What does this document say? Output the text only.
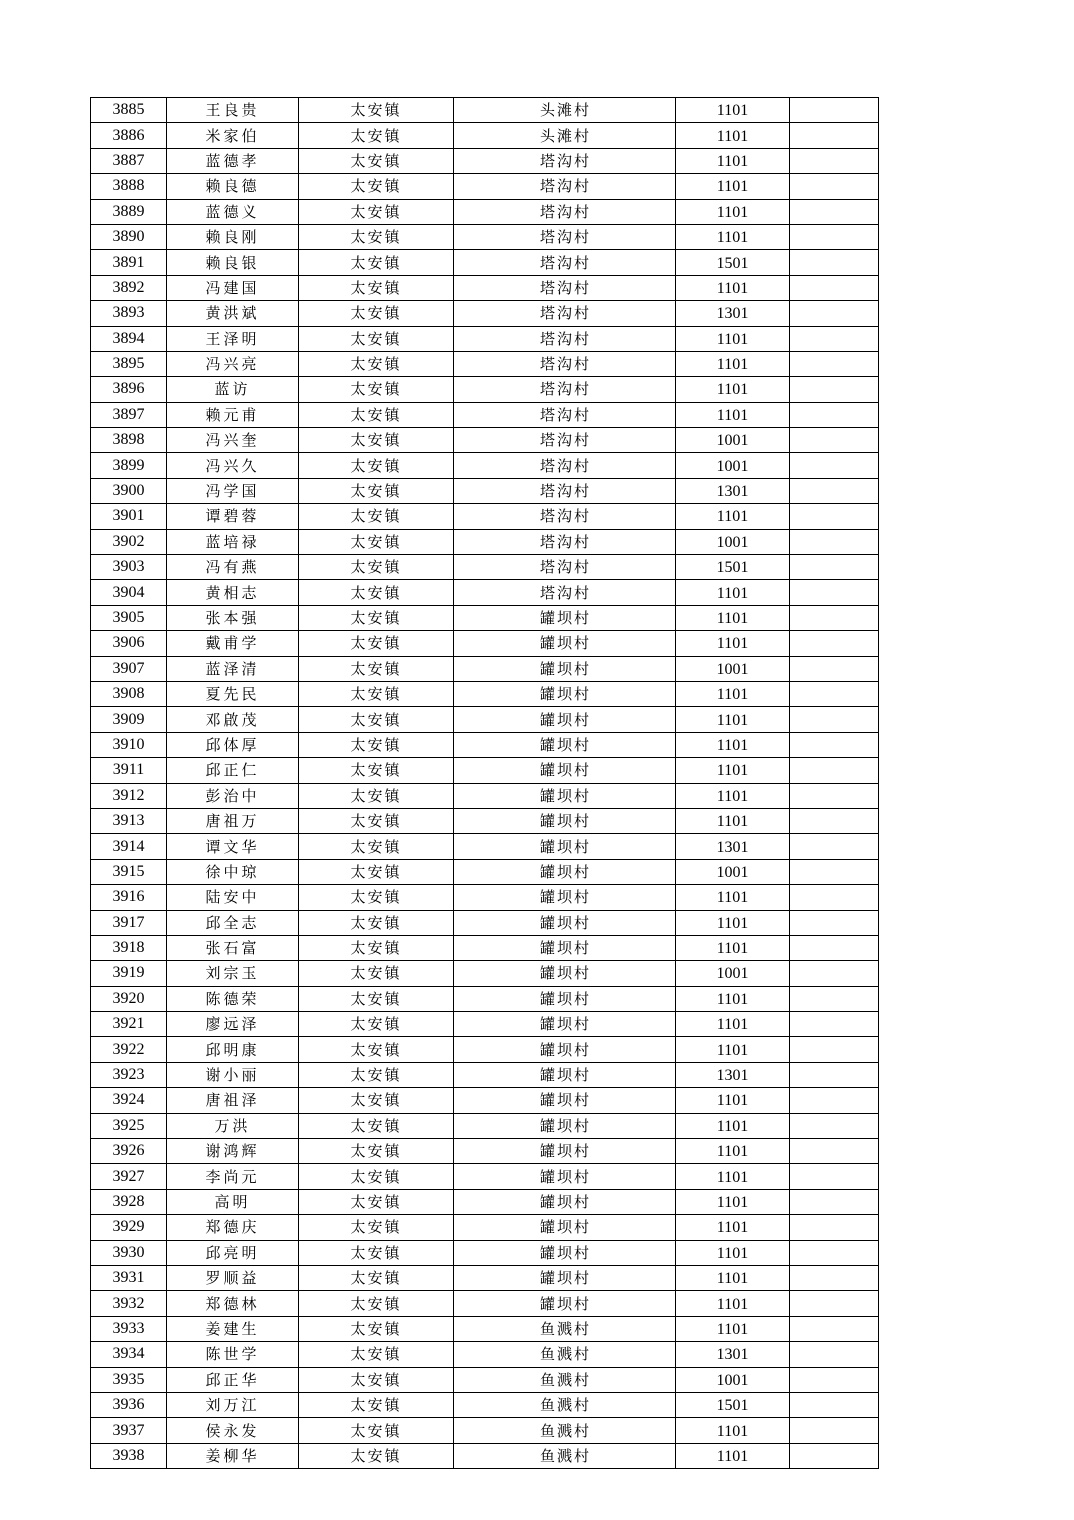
3885	王良贵	太安镇	头滩村	1101	
3886	米家伯	太安镇	头滩村	1101	
3887	蓝德孝	太安镇	塔沟村	1101	
3888	赖良德	太安镇	塔沟村	1101	
3889	蓝德义	太安镇	塔沟村	1101	
3890	赖良刚	太安镇	塔沟村	1101	
3891	赖良银	太安镇	塔沟村	1501	
3892	冯建国	太安镇	塔沟村	1101	
3893	黄洪斌	太安镇	塔沟村	1301	
3894	王泽明	太安镇	塔沟村	1101	
3895	冯兴亮	太安镇	塔沟村	1101	
3896	蓝访	太安镇	塔沟村	1101	
3897	赖元甫	太安镇	塔沟村	1101	
3898	冯兴奎	太安镇	塔沟村	1001	
3899	冯兴久	太安镇	塔沟村	1001	
3900	冯学国	太安镇	塔沟村	1301	
3901	谭碧蓉	太安镇	塔沟村	1101	
3902	蓝培禄	太安镇	塔沟村	1001	
3903	冯有燕	太安镇	塔沟村	1501	
3904	黄相志	太安镇	塔沟村	1101	
3905	张本强	太安镇	罐坝村	1101	
3906	戴甫学	太安镇	罐坝村	1101	
3907	蓝泽清	太安镇	罐坝村	1001	
3908	夏先民	太安镇	罐坝村	1101	
3909	邓啟茂	太安镇	罐坝村	1101	
3910	邱体厚	太安镇	罐坝村	1101	
3911	邱正仁	太安镇	罐坝村	1101	
3912	彭治中	太安镇	罐坝村	1101	
3913	唐祖万	太安镇	罐坝村	1101	
3914	谭文华	太安镇	罐坝村	1301	
3915	徐中琼	太安镇	罐坝村	1001	
3916	陆安中	太安镇	罐坝村	1101	
3917	邱全志	太安镇	罐坝村	1101	
3918	张石富	太安镇	罐坝村	1101	
3919	刘宗玉	太安镇	罐坝村	1001	
3920	陈德荣	太安镇	罐坝村	1101	
3921	廖远泽	太安镇	罐坝村	1101	
3922	邱明康	太安镇	罐坝村	1101	
3923	谢小丽	太安镇	罐坝村	1301	
3924	唐祖泽	太安镇	罐坝村	1101	
3925	万洪	太安镇	罐坝村	1101	
3926	谢鸿辉	太安镇	罐坝村	1101	
3927	李尚元	太安镇	罐坝村	1101	
3928	高明	太安镇	罐坝村	1101	
3929	郑德庆	太安镇	罐坝村	1101	
3930	邱亮明	太安镇	罐坝村	1101	
3931	罗顺益	太安镇	罐坝村	1101	
3932	郑德林	太安镇	罐坝村	1101	
3933	姜建生	太安镇	鱼溅村	1101	
3934	陈世学	太安镇	鱼溅村	1301	
3935	邱正华	太安镇	鱼溅村	1001	
3936	刘万江	太安镇	鱼溅村	1501	
3937	侯永发	太安镇	鱼溅村	1101	
3938	姜柳华	太安镇	鱼溅村	1101	
